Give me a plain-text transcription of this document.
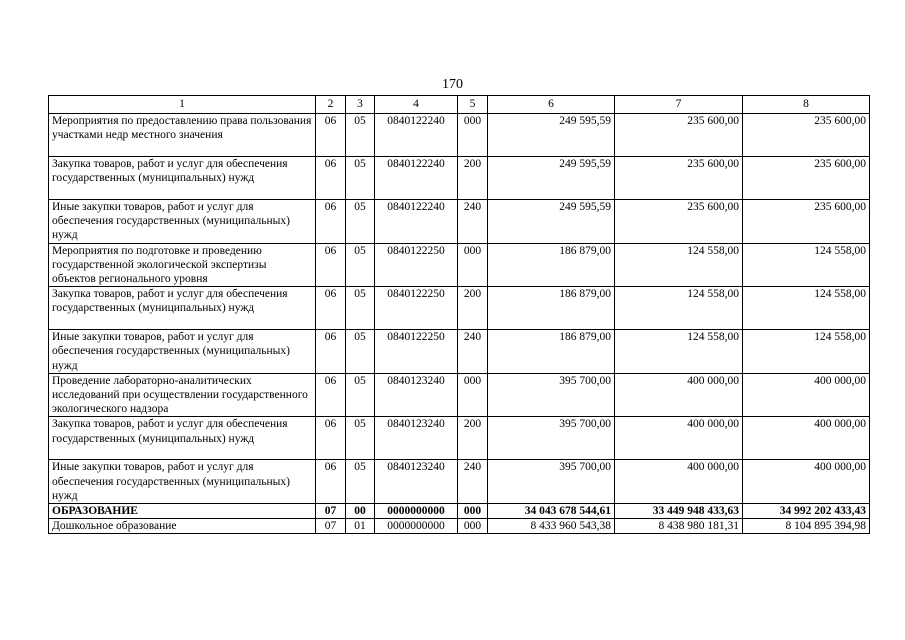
170
1	2	3	4	5	6	7	8
Мероприятия по предоставлению права пользования участками недр местного значения	06	05	0840122240	000	249 595,59	235 600,00	235 600,00
Закупка товаров, работ и услуг для обеспечения государственных (муниципальных) нужд	06	05	0840122240	200	249 595,59	235 600,00	235 600,00
Иные закупки товаров, работ и услуг для обеспечения государственных (муниципальных) нужд	06	05	0840122240	240	249 595,59	235 600,00	235 600,00
Мероприятия по подготовке и проведению государственной экологической экспертизы объектов регионального уровня	06	05	0840122250	000	186 879,00	124 558,00	124 558,00
Закупка товаров, работ и услуг для обеспечения государственных (муниципальных) нужд	06	05	0840122250	200	186 879,00	124 558,00	124 558,00
Иные закупки товаров, работ и услуг для обеспечения государственных (муниципальных) нужд	06	05	0840122250	240	186 879,00	124 558,00	124 558,00
Проведение лабораторно-аналитических исследований при осуществлении государственного экологического надзора	06	05	0840123240	000	395 700,00	400 000,00	400 000,00
Закупка товаров, работ и услуг для обеспечения государственных (муниципальных) нужд	06	05	0840123240	200	395 700,00	400 000,00	400 000,00
Иные закупки товаров, работ и услуг для обеспечения государственных (муниципальных) нужд	06	05	0840123240	240	395 700,00	400 000,00	400 000,00
ОБРАЗОВАНИЕ	07	00	0000000000	000	34 043 678 544,61	33 449 948 433,63	34 992 202 433,43
Дошкольное образование	07	01	0000000000	000	8 433 960 543,38	8 438 980 181,31	8 104 895 394,98
